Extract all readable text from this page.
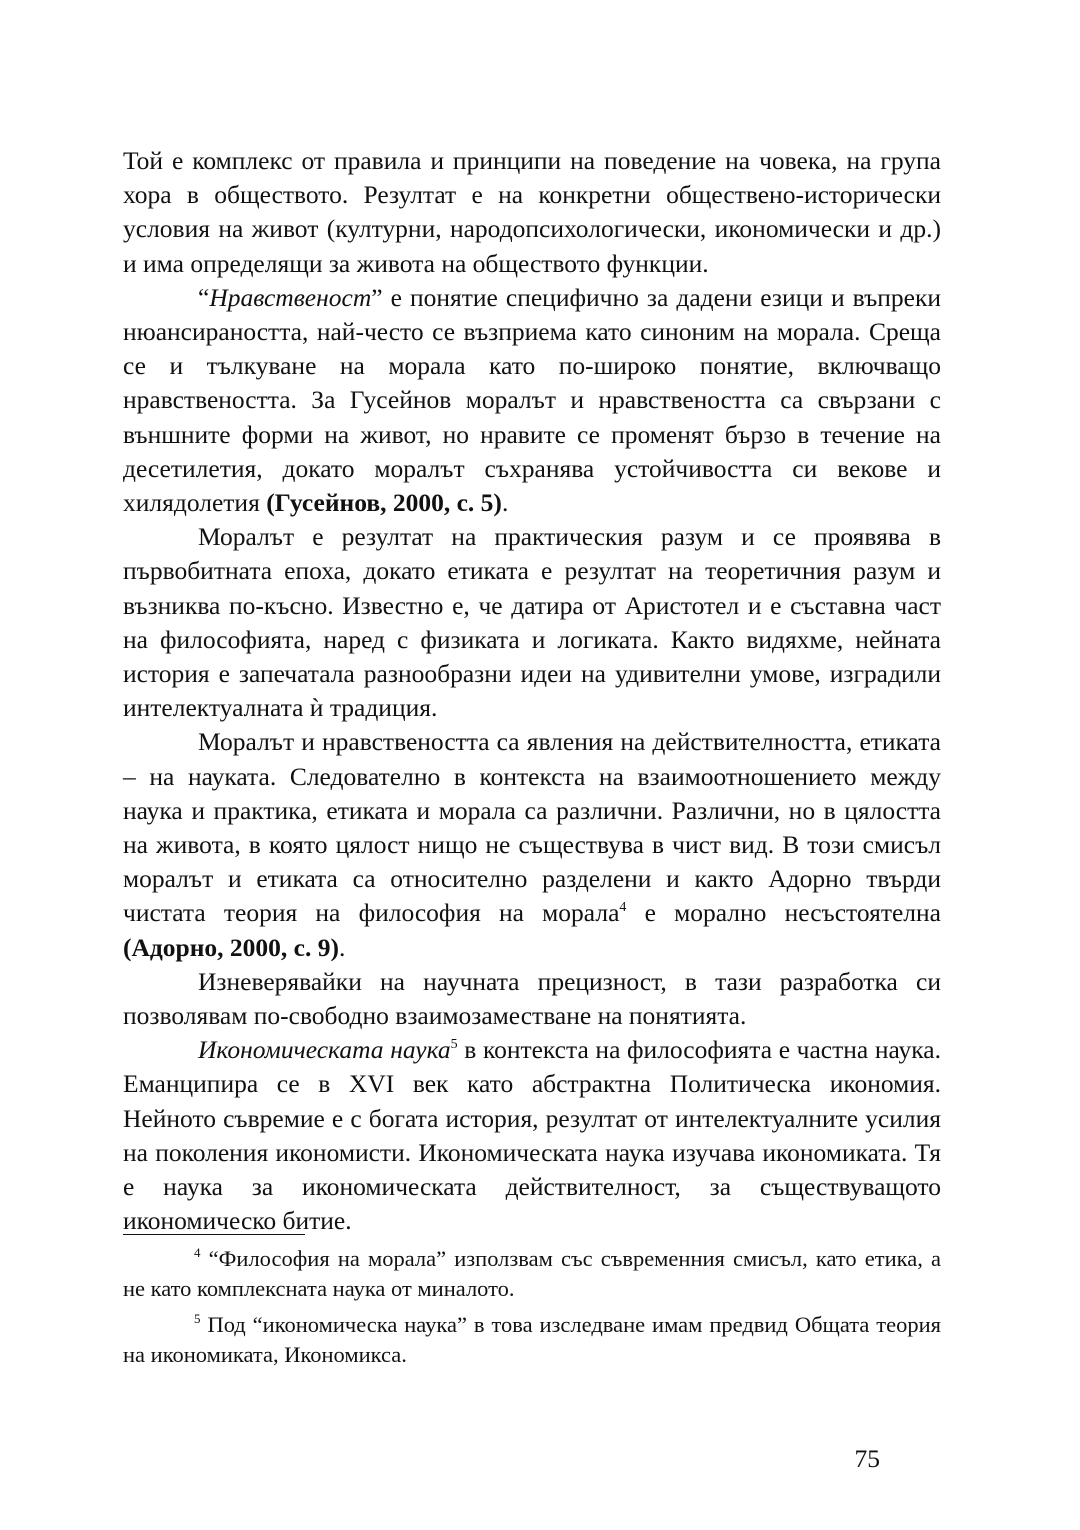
Той е комплекс от правила и принципи на поведение на човека, на група хора в обществото. Резултат е на конкретни обществено-исторически условия на живот (културни, народопсихологически, икономически и др.) и има определящи за живота на обществото функции.

“Нравственост” е понятие специфично за дадени езици и въпреки нюансираността, най-често се възприема като синоним на морала. Среща се и тълкуване на морала като по-широко понятие, включващо нравствеността. За Гусейнов моралът и нравствеността са свързани с външните форми на живот, но нравите се променят бързо в течение на десетилетия, докато моралът съхранява устойчивостта си векове и хилядолетия (Гусейнов, 2000, с. 5).

Моралът е резултат на практическия разум и се проявява в първобитната епоха, докато етиката е резултат на теоретичния разум и възниква по-късно. Известно е, че датира от Аристотел и е съставна част на философията, наред с физиката и логиката. Както видяхме, нейната история е запечатала разнообразни идеи на удивителни умове, изградили интелектуалната ѝ традиция.

Моралът и нравствеността са явления на действителността, етиката – на науката. Следователно в контекста на взаимоотношението между наука и практика, етиката и морала са различни. Различни, но в цялостта на живота, в която цялост нищо не съществува в чист вид. В този смисъл моралът и етиката са относително разделени и както Адорно твърди чистата теория на философия на морала$^4$ е морално несъстоятелна (Адорно, 2000, с. 9).

Изневерявайки на научната прецизност, в тази разработка си позволявам по-свободно взаимозаместване на понятията.

Икономическата наука$^5$ в контекста на философията е частна наука. Еманципира се в XVI век като абстрактна Политическа икономия. Нейното съвремие е с богата история, резултат от интелектуалните усилия на поколения икономисти. Икономическата наука изучава икономиката. Тя е наука за икономическата действителност, за съществуващото икономическо битие.

$^4$ “Философия на морала” използвам със съвременния смисъл, като етика, а не като комплексната наука от миналото.

$^5$ Под “икономическа наука” в това изследване имам предвид Общата теория на икономиката, Икономикса.

75
